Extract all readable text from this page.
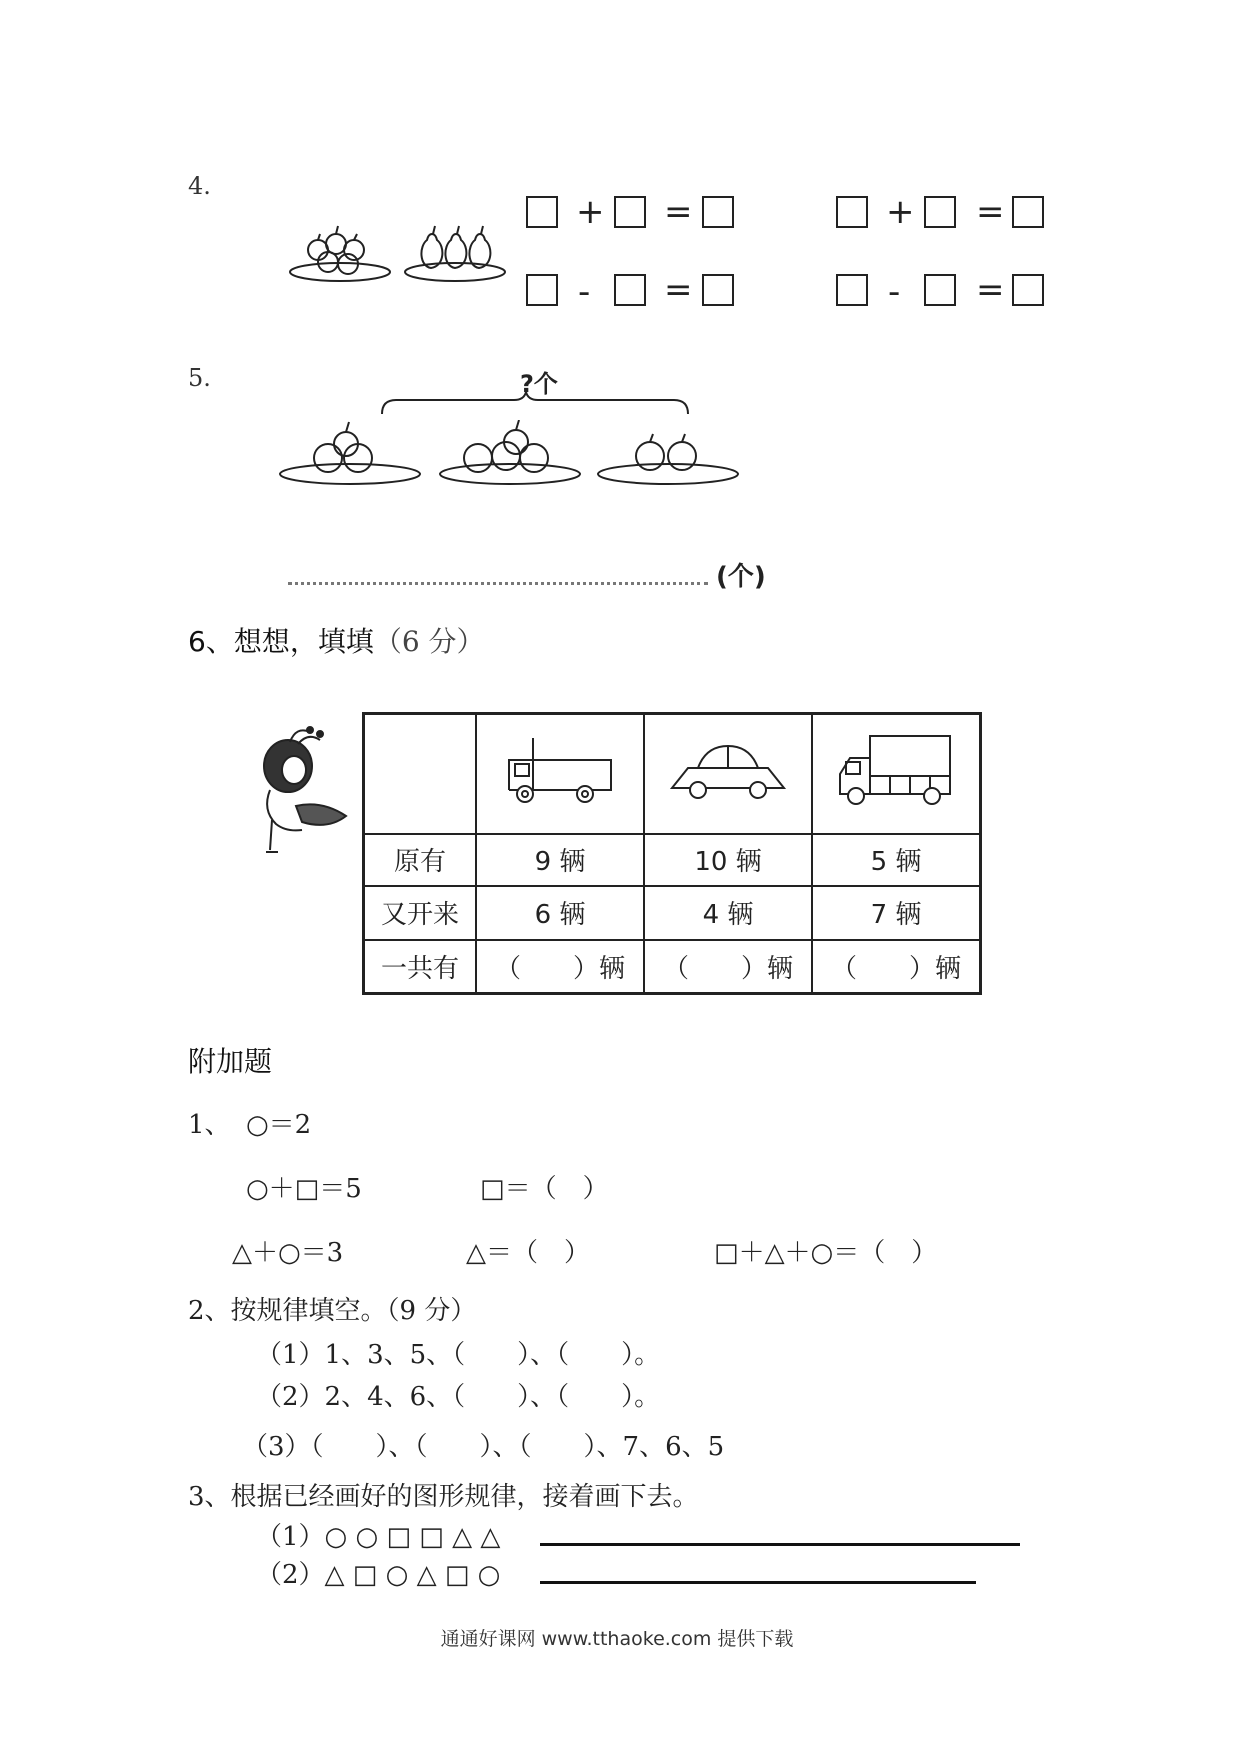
4.
+ =	+ =
- =	- =
5.	?个
(个)
6、想想，填填（6 分）

原有	9 辆	10 辆	5 辆
又开来	6 辆	4 辆	7 辆
一共有	（　　）辆	（　　）辆	（　　）辆
附加题
1、 ○＝2
○＋□＝5	□＝（　）
△＋○＝3	△＝（　）	□＋△＋○＝（　）
2、按规律填空。（9 分）
（1）1、3、5、（　　）、（　　）。
（2）2、4、6、（　　）、（　　）。
（3）（　　）、（　　）、（　　）、7、6、5
3、根据已经画好的图形规律，接着画下去。
（1）○ ○ □ □ △ △
（2）△ □ ○ △ □ ○
通通好课网 www.tthaoke.com 提供下载
